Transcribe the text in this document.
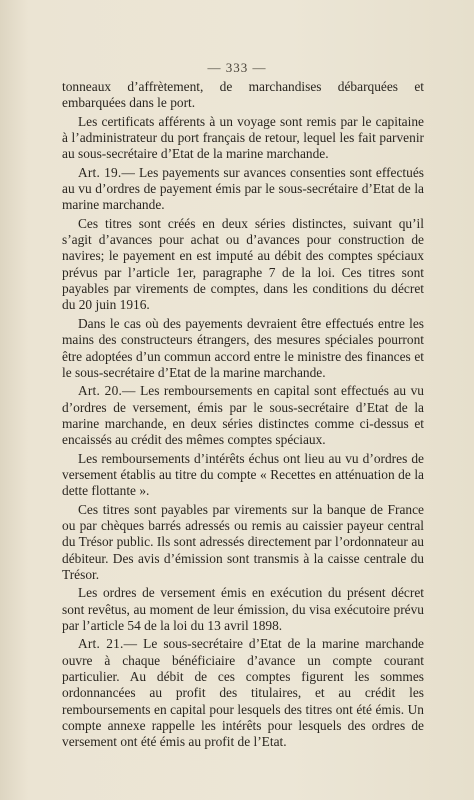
— 333 —

tonneaux d’affrètement, de marchandises débarquées et embarquées dans le port.

Les certificats afférents à un voyage sont remis par le capitaine à l’administrateur du port français de retour, lequel les fait parvenir au sous-secrétaire d’Etat de la marine marchande.

Art. 19.— Les payements sur avances consenties sont effectués au vu d’ordres de payement émis par le sous-secrétaire d’Etat de la marine marchande.

Ces titres sont créés en deux séries distinctes, suivant qu’il s’agit d’avances pour achat ou d’avances pour construction de navires; le payement en est imputé au débit des comptes spéciaux prévus par l’article 1er, paragraphe 7 de la loi. Ces titres sont payables par virements de comptes, dans les conditions du décret du 20 juin 1916.

Dans le cas où des payements devraient être effectués entre les mains des constructeurs étrangers, des mesures spéciales pourront être adoptées d’un commun accord entre le ministre des finances et le sous-secrétaire d’Etat de la marine marchande.

Art. 20.— Les remboursements en capital sont effectués au vu d’ordres de versement, émis par le sous-secrétaire d’Etat de la marine marchande, en deux séries distinctes comme ci-dessus et encaissés au crédit des mêmes comptes spéciaux.

Les remboursements d’intérêts échus ont lieu au vu d’ordres de versement établis au titre du compte « Recettes en atténuation de la dette flottante ».

Ces titres sont payables par virements sur la banque de France ou par chèques barrés adressés ou remis au caissier payeur central du Trésor public. Ils sont adressés directement par l’ordonnateur au débiteur. Des avis d’émission sont transmis à la caisse centrale du Trésor.

Les ordres de versement émis en exécution du présent décret sont revêtus, au moment de leur émission, du visa exécutoire prévu par l’article 54 de la loi du 13 avril 1898.

Art. 21.— Le sous-secrétaire d’Etat de la marine marchande ouvre à chaque bénéficiaire d’avance un compte courant particulier. Au débit de ces comptes figurent les sommes ordonnancées au profit des titulaires, et au crédit les remboursements en capital pour lesquels des titres ont été émis. Un compte annexe rappelle les intérêts pour lesquels des ordres de versement ont été émis au profit de l’Etat.
